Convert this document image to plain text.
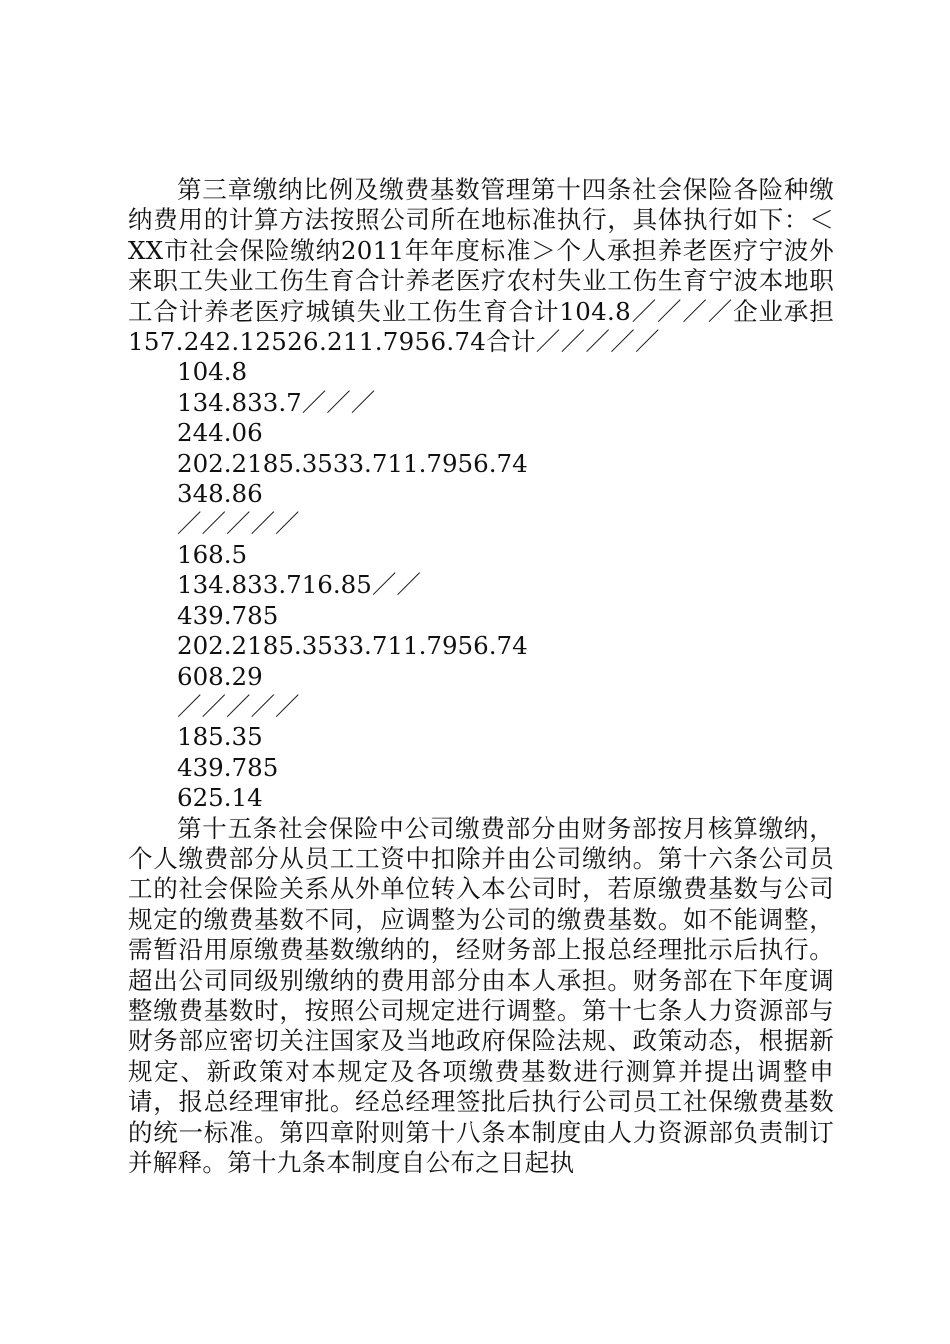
第三章缴纳比例及缴费基数管理第十四条社会保险各险种缴纳费用的计算方法按照公司所在地标准执行，具体执行如下：＜XX市社会保险缴纳2011年年度标准＞个人承担养老医疗宁波外来职工失业工伤生育合计养老医疗农村失业工伤生育宁波本地职工合计养老医疗城镇失业工伤生育合计104.8／／／／企业承担157.242.12526.211.7956.74合计／／／／／

104.8

134.833.7／／／

244.06

202.2185.3533.711.7956.74

348.86

／／／／／

168.5

134.833.716.85／／

439.785

202.2185.3533.711.7956.74

608.29

／／／／／

185.35

439.785

625.14

第十五条社会保险中公司缴费部分由财务部按月核算缴纳，个人缴费部分从员工工资中扣除并由公司缴纳。第十六条公司员工的社会保险关系从外单位转入本公司时，若原缴费基数与公司规定的缴费基数不同，应调整为公司的缴费基数。如不能调整，需暂沿用原缴费基数缴纳的，经财务部上报总经理批示后执行。超出公司同级别缴纳的费用部分由本人承担。财务部在下年度调整缴费基数时，按照公司规定进行调整。第十七条人力资源部与财务部应密切关注国家及当地政府保险法规、政策动态，根据新规定、新政策对本规定及各项缴费基数进行测算并提出调整申请，报总经理审批。经总经理签批后执行公司员工社保缴费基数的统一标准。第四章附则第十八条本制度由人力资源部负责制订并解释。第十九条本制度自公布之日起执
